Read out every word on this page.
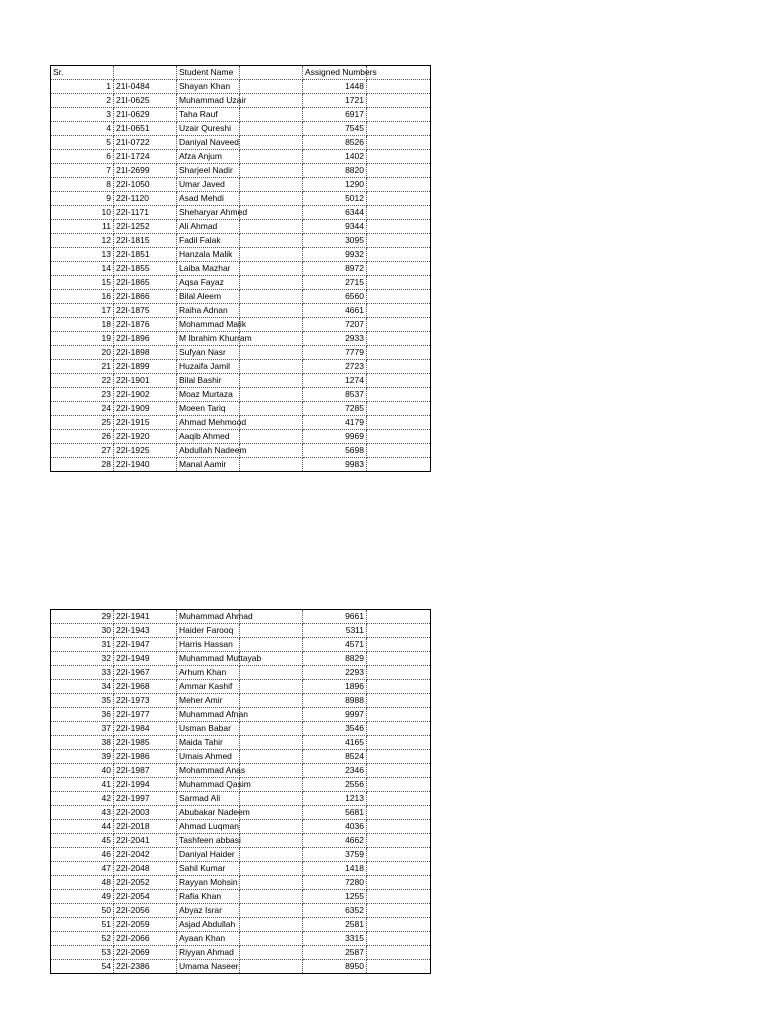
Sr.		Student Name		Assigned Numbers	
1	21I-0484	Shayan Khan		1448	
2	21I-0625	Muhammad Uzair		1721	
3	21I-0629	Taha Rauf		6917	
4	21I-0651	Uzair Qureshi		7545	
5	21I-0722	Daniyal Naveed		8526	
6	21I-1724	Afza Anjum		1402	
7	21I-2699	Sharjeel Nadir		8820	
8	22I-1050	Umar Javed		1290	
9	22I-1120	Asad Mehdi		5012	
10	22I-1171	Sheharyar Ahmed		6344	
11	22I-1252	Ali Ahmad		9344	
12	22I-1815	Fadil Falak		3095	
13	22I-1851	Hanzala Malik		9932	
14	22I-1855	Laiba Mazhar		8972	
15	22I-1865	Aqsa Fayaz		2715	
16	22I-1866	Bilal Aleem		6560	
17	22I-1875	Raiha Adnan		4661	
18	22I-1876	Mohammad Malik		7207	
19	22I-1896	M Ibrahim Khurram		2933	
20	22I-1898	Sufyan Nasr		7779	
21	22I-1899	Huzaifa Jamil		2723	
22	22I-1901	Bilal Bashir		1274	
23	22I-1902	Moaz Murtaza		8537	
24	22I-1909	Moeen Tariq		7285	
25	22I-1915	Ahmad Mehmood		4179	
26	22I-1920	Aaqib Ahmed		9969	
27	22I-1925	Abdullah Nadeem		5698	
28	22I-1940	Manal Aamir		9983	
29	22I-1941	Muhammad Ahmad		9661	
30	22I-1943	Haider Farooq		5311	
31	22I-1947	Harris Hassan		4571	
32	22I-1949	Muhammad Muttayab		8829	
33	22I-1967	Arhum Khan		2293	
34	22I-1968	Ammar Kashif		1896	
35	22I-1973	Meher Amir		8988	
36	22I-1977	Muhammad Afnan		9997	
37	22I-1984	Usman Babar		3546	
38	22I-1985	Maida Tahir		4165	
39	22I-1986	Umais Ahmed		8524	
40	22I-1987	Mohammad Anas		2346	
41	22I-1994	Muhammad Qasim		2556	
42	22I-1997	Sarmad Ali		1213	
43	22I-2003	Abubakar Nadeem		5681	
44	22I-2018	Ahmad Luqman		4036	
45	22I-2041	Tashfeen abbasi		4662	
46	22I-2042	Daniyal Haider		3759	
47	22I-2048	Sahil Kumar		1418	
48	22I-2052	Rayyan Mohsin		7280	
49	22I-2054	Rafia Khan		1255	
50	22I-2056	Abyaz Israr		6352	
51	22I-2059	Asjad Abdullah		2581	
52	22I-2066	Ayaan Khan		3315	
53	22I-2069	Riyyan Ahmad		2587	
54	22I-2386	Umama Naseer		8950	
